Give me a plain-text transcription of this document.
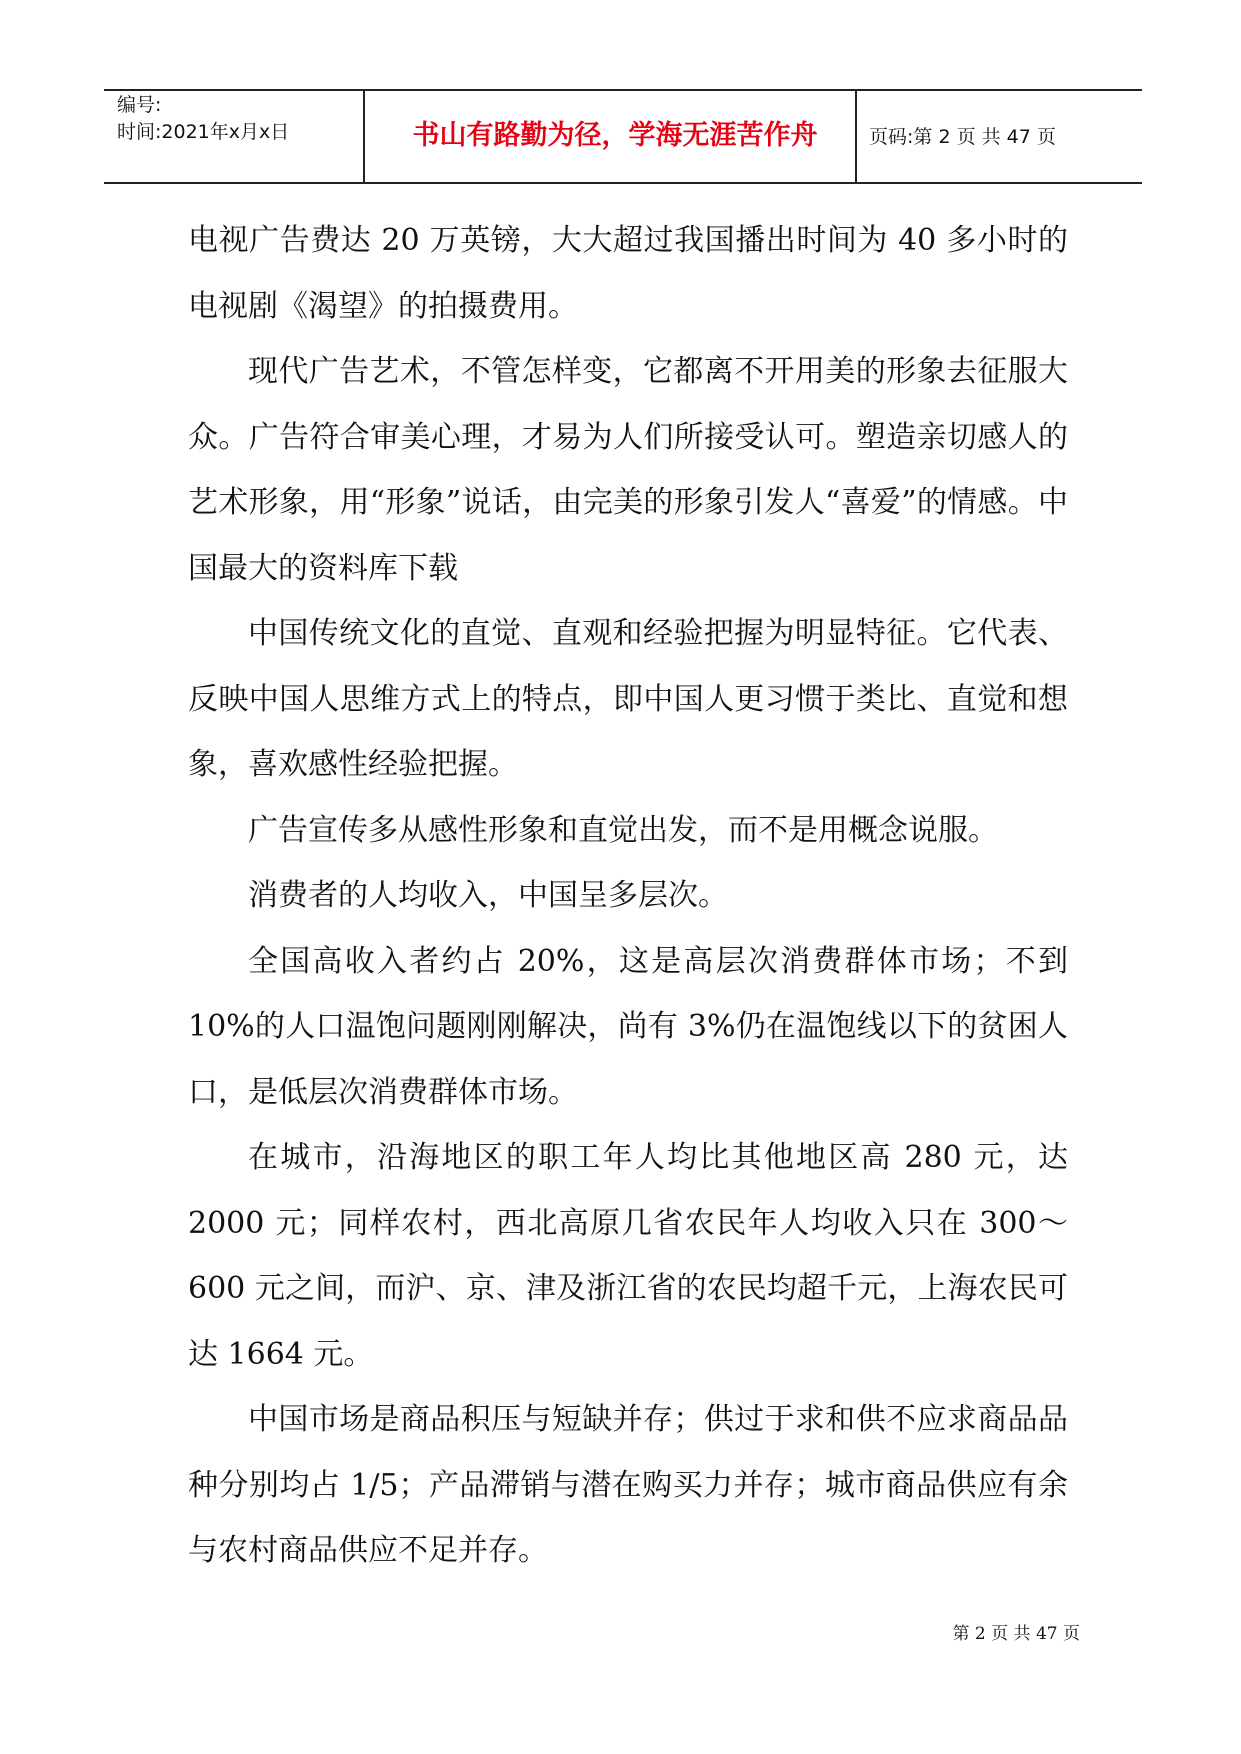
编号:
时间:2021年x月x日	书山有路勤为径，学海无涯苦作舟	页码:第 2 页 共 47 页

电视广告费达 20 万英镑，大大超过我国播出时间为 40 多小时的电视剧《渴望》的拍摄费用。

现代广告艺术，不管怎样变，它都离不开用美的形象去征服大众。广告符合审美心理，才易为人们所接受认可。塑造亲切感人的艺术形象，用“形象”说话，由完美的形象引发人“喜爱”的情感。中国最大的资料库下载

中国传统文化的直觉、直观和经验把握为明显特征。它代表、反映中国人思维方式上的特点，即中国人更习惯于类比、直觉和想象，喜欢感性经验把握。

广告宣传多从感性形象和直觉出发，而不是用概念说服。

消费者的人均收入，中国呈多层次。

全国高收入者约占 20%，这是高层次消费群体市场；不到 10%的人口温饱问题刚刚解决，尚有 3%仍在温饱线以下的贫困人口，是低层次消费群体市场。

在城市，沿海地区的职工年人均比其他地区高 280 元，达 2000 元；同样农村，西北高原几省农民年人均收入只在 300～600 元之间，而沪、京、津及浙江省的农民均超千元，上海农民可达 1664 元。

中国市场是商品积压与短缺并存；供过于求和供不应求商品品种分别均占 1/5；产品滞销与潜在购买力并存；城市商品供应有余与农村商品供应不足并存。

第 2 页 共 47 页
